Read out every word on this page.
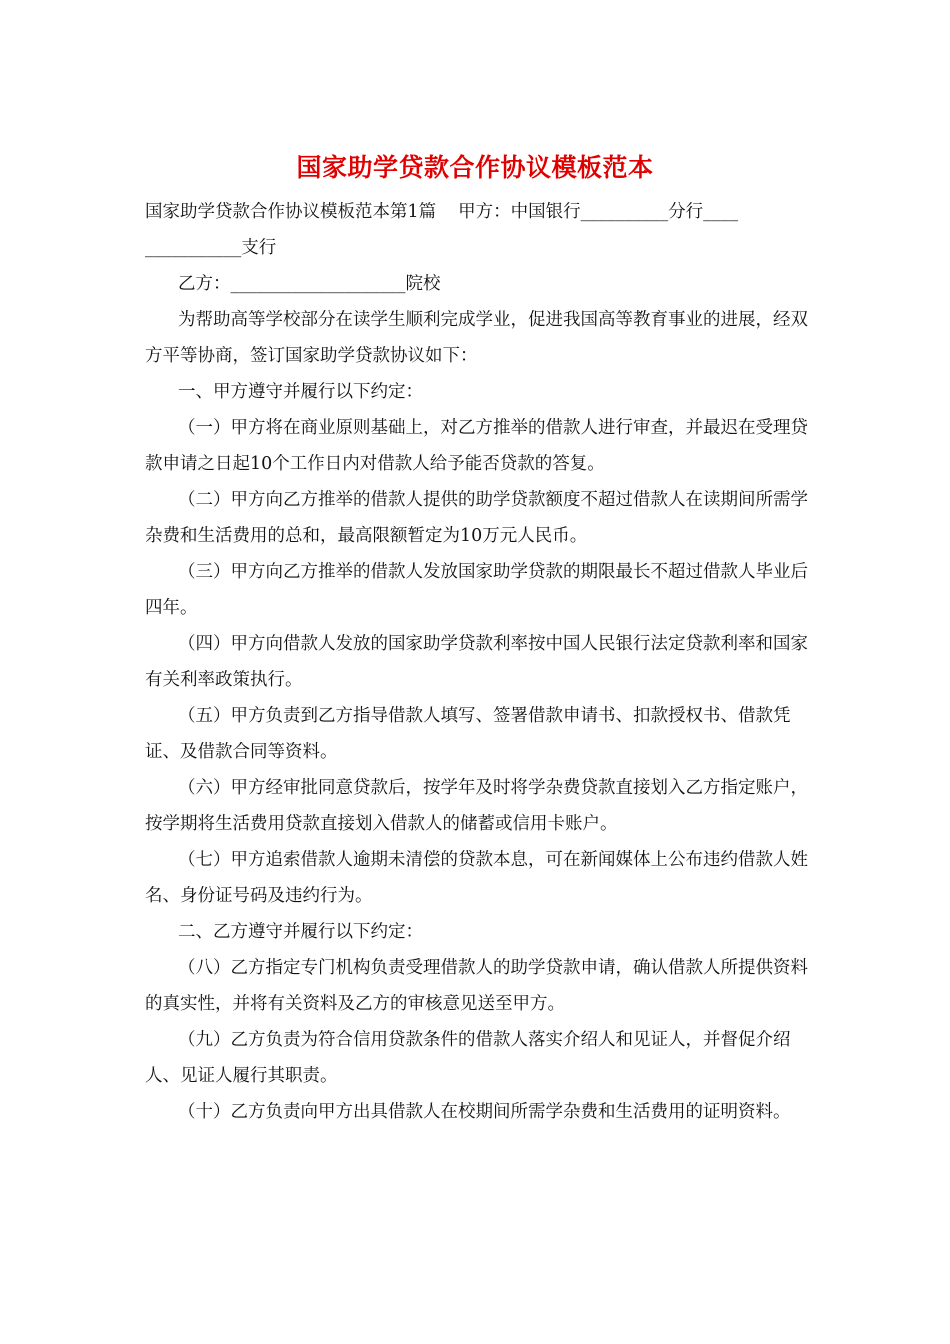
国家助学贷款合作协议模板范本

国家助学贷款合作协议模板范本第1篇 甲方：中国银行__________分行____ ___________支行

乙方：____________________院校

为帮助高等学校部分在读学生顺利完成学业，促进我国高等教育事业的进展，经双方平等协商，签订国家助学贷款协议如下：

一、甲方遵守并履行以下约定：

（一）甲方将在商业原则基础上，对乙方推举的借款人进行审查，并最迟在受理贷款申请之日起10个工作日内对借款人给予能否贷款的答复。

（二）甲方向乙方推举的借款人提供的助学贷款额度不超过借款人在读期间所需学杂费和生活费用的总和，最高限额暂定为10万元人民币。

（三）甲方向乙方推举的借款人发放国家助学贷款的期限最长不超过借款人毕业后四年。

（四）甲方向借款人发放的国家助学贷款利率按中国人民银行法定贷款利率和国家有关利率政策执行。

（五）甲方负责到乙方指导借款人填写、签署借款申请书、扣款授权书、借款凭证、及借款合同等资料。

（六）甲方经审批同意贷款后，按学年及时将学杂费贷款直接划入乙方指定账户，按学期将生活费用贷款直接划入借款人的储蓄或信用卡账户。

（七）甲方追索借款人逾期未清偿的贷款本息，可在新闻媒体上公布违约借款人姓名、身份证号码及违约行为。

二、乙方遵守并履行以下约定：

（八）乙方指定专门机构负责受理借款人的助学贷款申请，确认借款人所提供资料的真实性，并将有关资料及乙方的审核意见送至甲方。

（九）乙方负责为符合信用贷款条件的借款人落实介绍人和见证人，并督促介绍人、见证人履行其职责。

（十）乙方负责向甲方出具借款人在校期间所需学杂费和生活费用的证明资料。
